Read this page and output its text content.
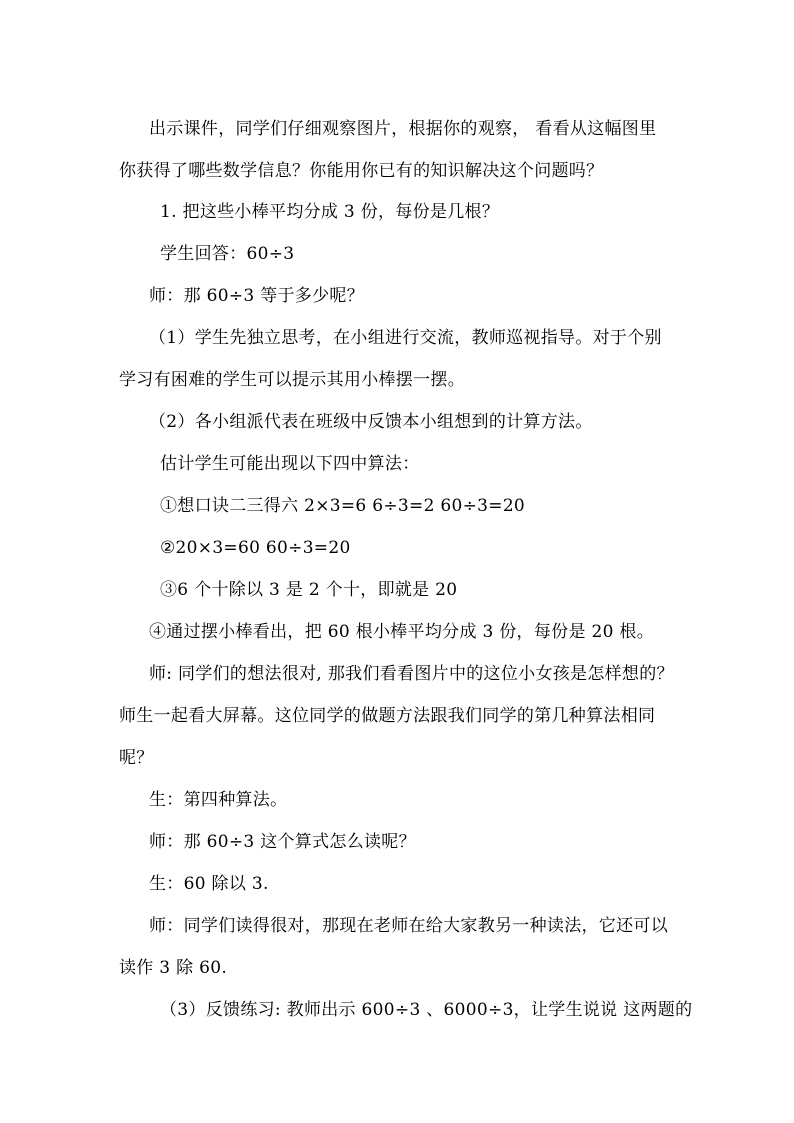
出示课件，同学们仔细观察图片，根据你的观察， 看看从这幅图里
你获得了哪些数学信息？你能用你已有的知识解决这个问题吗？
1. 把这些小棒平均分成 3 份，每份是几根？
学生回答：60÷3
师：那 60÷3 等于多少呢？
（1）学生先独立思考，在小组进行交流，教师巡视指导。对于个别
学习有困难的学生可以提示其用小棒摆一摆。
（2）各小组派代表在班级中反馈本小组想到的计算方法。
估计学生可能出现以下四中算法：
①想口诀二三得六 2×3=6 6÷3=2 60÷3=20
②20×3=60 60÷3=20
③6 个十除以 3 是 2 个十，即就是 20
④通过摆小棒看出，把 60 根小棒平均分成 3 份，每份是 20 根。
师: 同学们的想法很对, 那我们看看图片中的这位小女孩是怎样想的？
师生一起看大屏幕。这位同学的做题方法跟我们同学的第几种算法相同
呢？
生：第四种算法。
师：那 60÷3 这个算式怎么读呢？
生：60 除以 3.
师：同学们读得很对，那现在老师在给大家教另一种读法，它还可以
读作 3 除 60.
（3）反馈练习: 教师出示 600÷3 、6000÷3，让学生说说 这两题的
